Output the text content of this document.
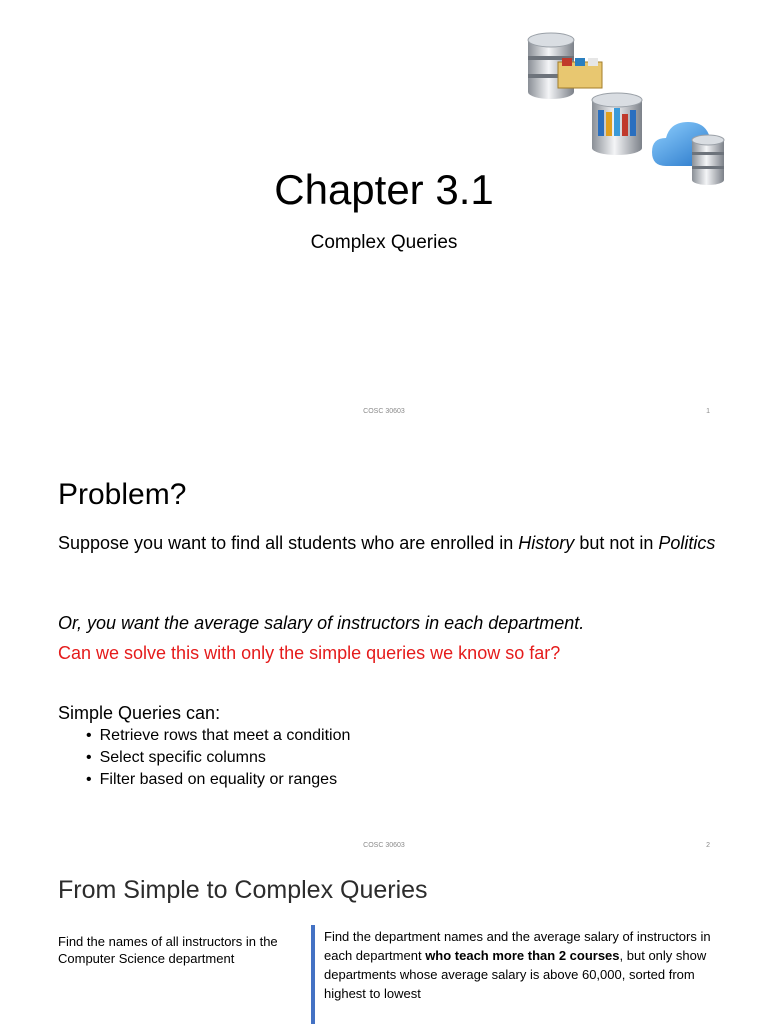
Chapter 3.1
Complex Queries
COSC 30603	1
Problem?
Suppose you want to find all students who are enrolled in History but not in Politics
Or, you want the average salary of instructors in each department.
Can we solve this with only the simple queries we know so far?
Simple Queries can:
• Retrieve rows that meet a condition
• Select specific columns
• Filter based on equality or ranges
COSC 30603	2
From Simple to Complex Queries
Find the names of all instructors in the Computer Science department
Find the department names and the average salary of instructors in each department who teach more than 2 courses, but only show departments whose average salary is above 60,000, sorted from highest to lowest
